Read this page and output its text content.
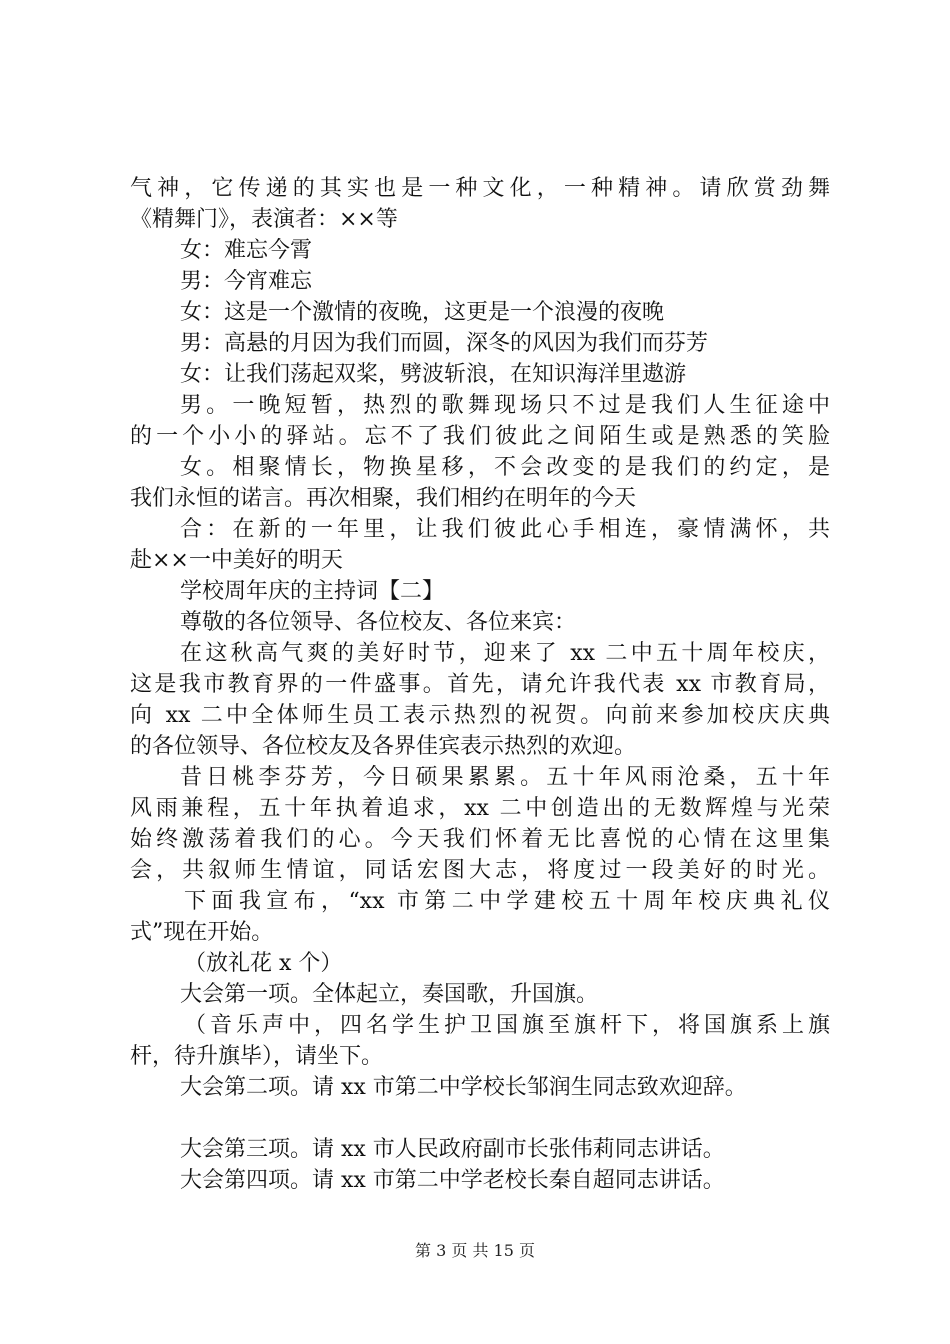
气神，它传递的其实也是一种文化，一种精神。请欣赏劲舞
《精舞门》，表演者：××等
女：难忘今霄
男：今宵难忘
女：这是一个激情的夜晚，这更是一个浪漫的夜晚
男：高悬的月因为我们而圆，深冬的风因为我们而芬芳
女：让我们荡起双桨，劈波斩浪，在知识海洋里遨游
男。一晚短暂，热烈的歌舞现场只不过是我们人生征途中
的一个小小的驿站。忘不了我们彼此之间陌生或是熟悉的笑脸
女。相聚情长，物换星移，不会改变的是我们的约定，是
我们永恒的诺言。再次相聚，我们相约在明年的今天
合：在新的一年里，让我们彼此心手相连，豪情满怀，共
赴××一中美好的明天
学校周年庆的主持词【二】
尊敬的各位领导、各位校友、各位来宾：
在这秋高气爽的美好时节，迎来了 xx 二中五十周年校庆，
这是我市教育界的一件盛事。首先，请允许我代表 xx 市教育局，
向 xx 二中全体师生员工表示热烈的祝贺。向前来参加校庆庆典
的各位领导、各位校友及各界佳宾表示热烈的欢迎。
昔日桃李芬芳，今日硕果累累。五十年风雨沧桑，五十年
风雨兼程，五十年执着追求，xx 二中创造出的无数辉煌与光荣
始终激荡着我们的心。今天我们怀着无比喜悦的心情在这里集
会，共叙师生情谊，同话宏图大志，将度过一段美好的时光。
下面我宣布，“xx 市第二中学建校五十周年校庆典礼仪
式”现在开始。
（放礼花 x 个）
大会第一项。全体起立，奏国歌，升国旗。
（音乐声中，四名学生护卫国旗至旗杆下，将国旗系上旗
杆，待升旗毕），请坐下。
大会第二项。请 xx 市第二中学校长邹润生同志致欢迎辞。
大会第三项。请 xx 市人民政府副市长张伟莉同志讲话。
大会第四项。请 xx 市第二中学老校长秦自超同志讲话。
第 3 页 共 15 页
